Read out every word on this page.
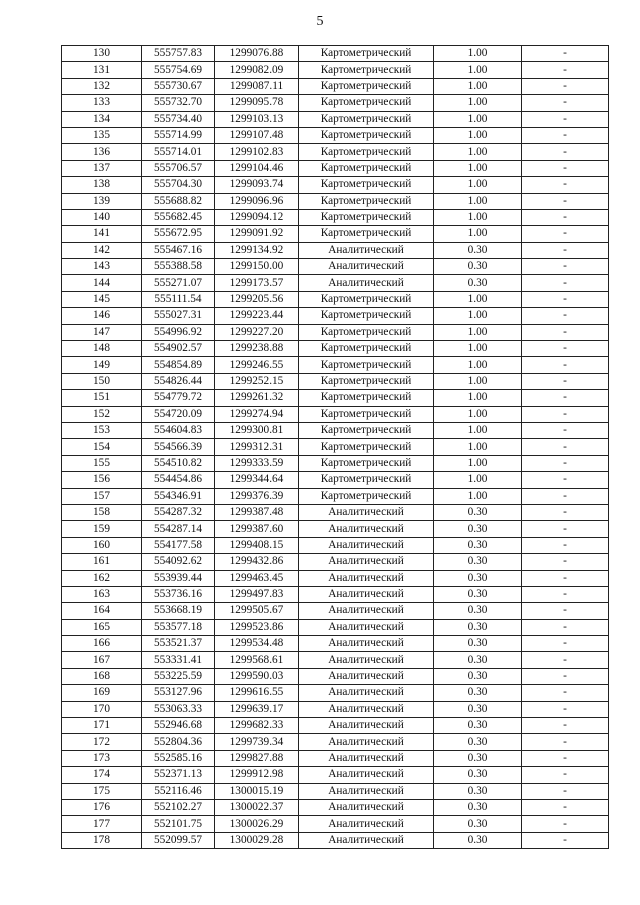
5
130	555757.83	1299076.88	Картометрический	1.00	-
131	555754.69	1299082.09	Картометрический	1.00	-
132	555730.67	1299087.11	Картометрический	1.00	-
133	555732.70	1299095.78	Картометрический	1.00	-
134	555734.40	1299103.13	Картометрический	1.00	-
135	555714.99	1299107.48	Картометрический	1.00	-
136	555714.01	1299102.83	Картометрический	1.00	-
137	555706.57	1299104.46	Картометрический	1.00	-
138	555704.30	1299093.74	Картометрический	1.00	-
139	555688.82	1299096.96	Картометрический	1.00	-
140	555682.45	1299094.12	Картометрический	1.00	-
141	555672.95	1299091.92	Картометрический	1.00	-
142	555467.16	1299134.92	Аналитический	0.30	-
143	555388.58	1299150.00	Аналитический	0.30	-
144	555271.07	1299173.57	Аналитический	0.30	-
145	555111.54	1299205.56	Картометрический	1.00	-
146	555027.31	1299223.44	Картометрический	1.00	-
147	554996.92	1299227.20	Картометрический	1.00	-
148	554902.57	1299238.88	Картометрический	1.00	-
149	554854.89	1299246.55	Картометрический	1.00	-
150	554826.44	1299252.15	Картометрический	1.00	-
151	554779.72	1299261.32	Картометрический	1.00	-
152	554720.09	1299274.94	Картометрический	1.00	-
153	554604.83	1299300.81	Картометрический	1.00	-
154	554566.39	1299312.31	Картометрический	1.00	-
155	554510.82	1299333.59	Картометрический	1.00	-
156	554454.86	1299344.64	Картометрический	1.00	-
157	554346.91	1299376.39	Картометрический	1.00	-
158	554287.32	1299387.48	Аналитический	0.30	-
159	554287.14	1299387.60	Аналитический	0.30	-
160	554177.58	1299408.15	Аналитический	0.30	-
161	554092.62	1299432.86	Аналитический	0.30	-
162	553939.44	1299463.45	Аналитический	0.30	-
163	553736.16	1299497.83	Аналитический	0.30	-
164	553668.19	1299505.67	Аналитический	0.30	-
165	553577.18	1299523.86	Аналитический	0.30	-
166	553521.37	1299534.48	Аналитический	0.30	-
167	553331.41	1299568.61	Аналитический	0.30	-
168	553225.59	1299590.03	Аналитический	0.30	-
169	553127.96	1299616.55	Аналитический	0.30	-
170	553063.33	1299639.17	Аналитический	0.30	-
171	552946.68	1299682.33	Аналитический	0.30	-
172	552804.36	1299739.34	Аналитический	0.30	-
173	552585.16	1299827.88	Аналитический	0.30	-
174	552371.13	1299912.98	Аналитический	0.30	-
175	552116.46	1300015.19	Аналитический	0.30	-
176	552102.27	1300022.37	Аналитический	0.30	-
177	552101.75	1300026.29	Аналитический	0.30	-
178	552099.57	1300029.28	Аналитический	0.30	-
